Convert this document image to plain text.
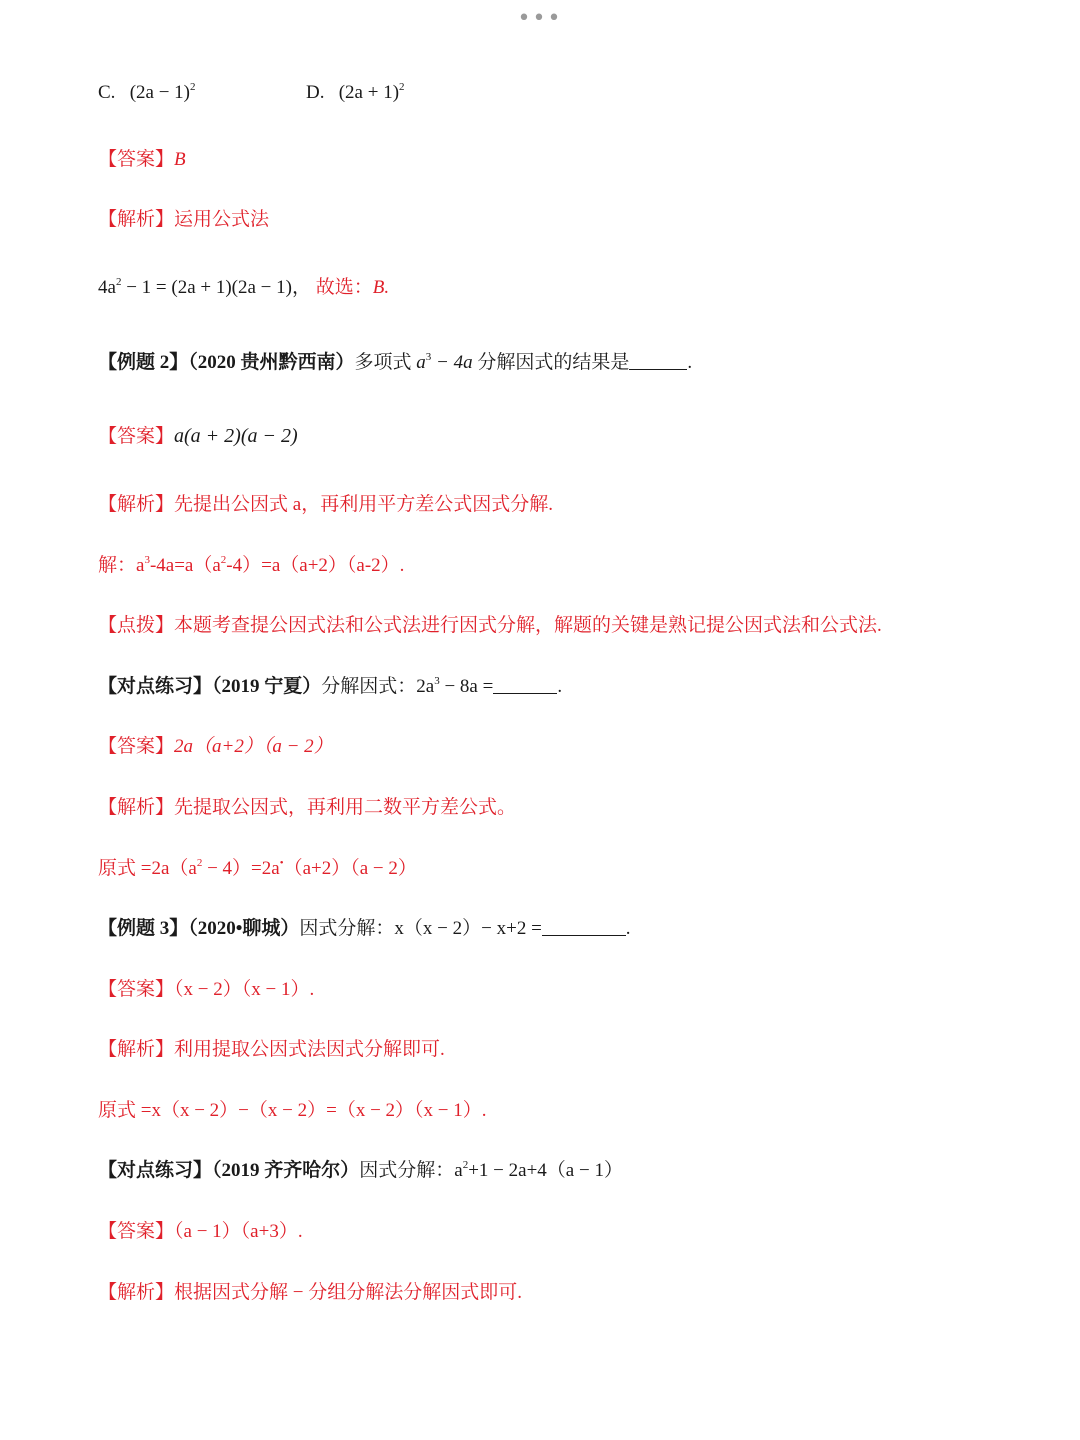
•••
C. $(2a - 1)^2$	D. $(2a + 1)^2$
【答案】B
【解析】运用公式法
$4a^2 - 1 = (2a + 1)(2a - 1)$， 故选：B.
【例题 2】（2020 贵州黔西南）多项式 $a^3 - 4a$ 分解因式的结果是	.
【答案】a(a + 2)(a − 2)
【解析】先提出公因式 a，再利用平方差公式因式分解.
解：$a^3-4a=a(a^2-4)=a(a+2)(a-2)$.
【点拨】本题考查提公因式法和公式法进行因式分解，解题的关键是熟记提公因式法和公式法.
【对点练习】（2019 宁夏）分解因式：$2a^3 - 8a$ =	.
【答案】2a（a+2）（a − 2）
【解析】先提取公因式，再利用二数平方差公式。
原式 $=2a(a^2 - 4)=2a^•(a+2)(a - 2)$
【例题 3】（2020•聊城）因式分解：x（x − 2）− x+2 =	.
【答案】（x − 2）（x − 1）.
【解析】利用提取公因式法因式分解即可.
原式 =x（x − 2）−（x − 2）=（x − 2）（x − 1）.
【对点练习】（2019 齐齐哈尔）因式分解：$a^2+1 - 2a+4(a - 1)$
【答案】（a − 1）（a+3）.
【解析】根据因式分解 − 分组分解法分解因式即可.
